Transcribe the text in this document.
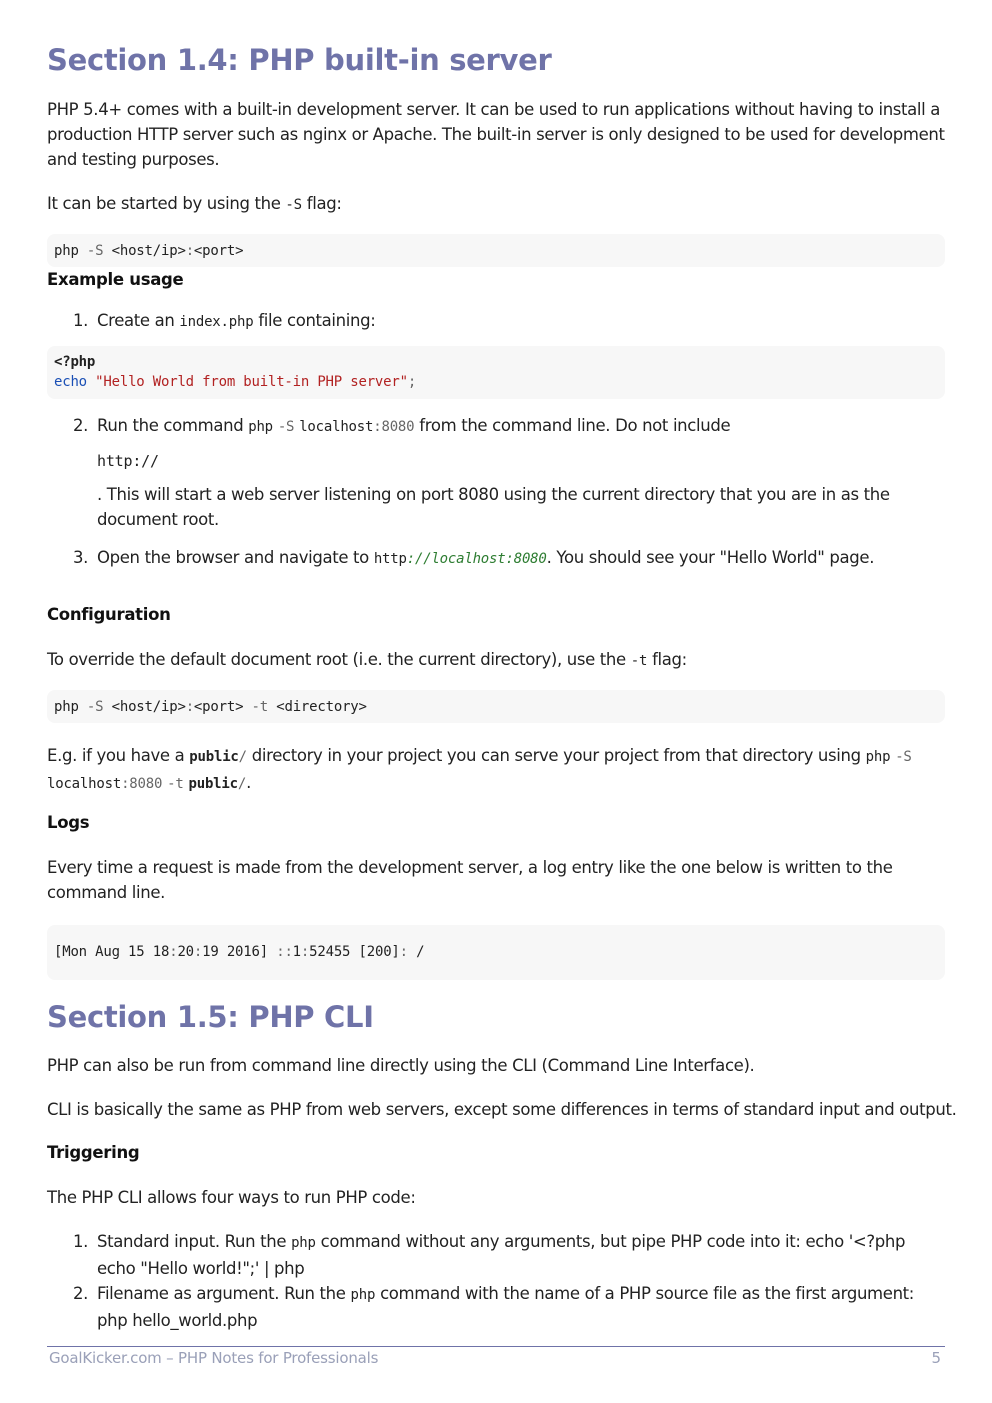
Section 1.4: PHP built-in server

PHP 5.4+ comes with a built-in development server. It can be used to run applications without having to install a production HTTP server such as nginx or Apache. The built-in server is only designed to be used for development and testing purposes.

It can be started by using the -S flag:

php -S <host/ip>:<port>
Example usage

1. Create an index.php file containing:

<?php
echo "Hello World from built-in PHP server";

2. Run the command php -S localhost:8080 from the command line. Do not include

http://

. This will start a web server listening on port 8080 using the current directory that you are in as the document root.

3. Open the browser and navigate to http://localhost:8080. You should see your "Hello World" page.

Configuration

To override the default document root (i.e. the current directory), use the -t flag:

php -S <host/ip>:<port> -t <directory>

E.g. if you have a public/ directory in your project you can serve your project from that directory using php -S localhost:8080 -t public/.

Logs

Every time a request is made from the development server, a log entry like the one below is written to the command line.

[Mon Aug 15 18:20:19 2016] ::1:52455 [200]: /
Section 1.5: PHP CLI

PHP can also be run from command line directly using the CLI (Command Line Interface).

CLI is basically the same as PHP from web servers, except some differences in terms of standard input and output.

Triggering

The PHP CLI allows four ways to run PHP code:

1. Standard input. Run the php command without any arguments, but pipe PHP code into it: echo '<?php echo "Hello world!";' | php

2. Filename as argument. Run the php command with the name of a PHP source file as the first argument: php hello_world.php

GoalKicker.com – PHP Notes for Professionals	5
